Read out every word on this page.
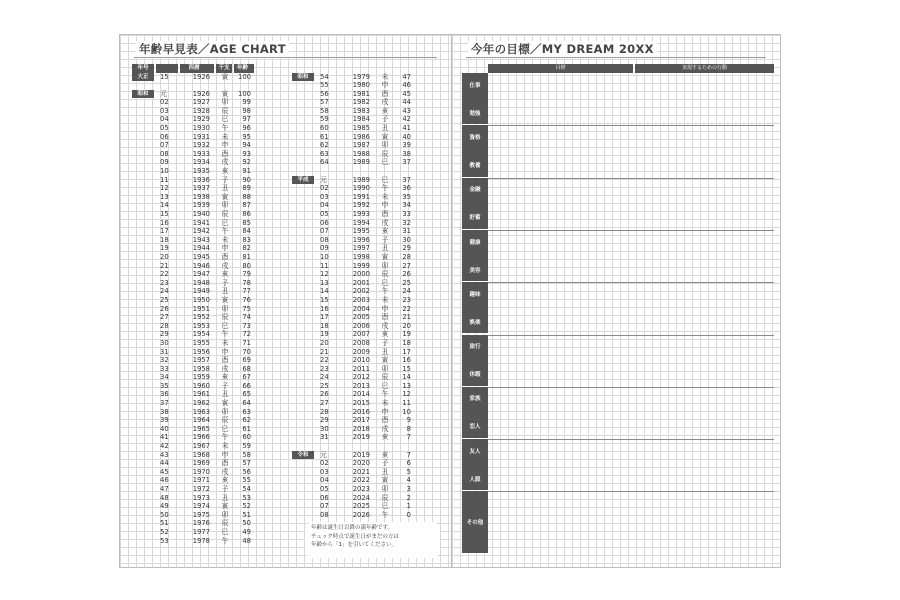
年齢早見表／AGE CHART
年号	西暦	干支	年齢
大正	15	1926	寅	100
昭和	元	1926	寅	100
02	1927	卯	99
03	1928	辰	98
04	1929	巳	97
05	1930	午	96
06	1931	未	95
07	1932	申	94
08	1933	酉	93
09	1934	戌	92
10	1935	亥	91
11	1936	子	90
12	1937	丑	89
13	1938	寅	88
14	1939	卯	87
15	1940	辰	86
16	1941	巳	85
17	1942	午	84
18	1943	未	83
19	1944	申	82
20	1945	酉	81
21	1946	戌	80
22	1947	亥	79
23	1948	子	78
24	1949	丑	77
25	1950	寅	76
26	1951	卯	75
27	1952	辰	74
28	1953	巳	73
29	1954	午	72
30	1955	未	71
31	1956	申	70
32	1957	酉	69
33	1958	戌	68
34	1959	亥	67
35	1960	子	66
36	1961	丑	65
37	1962	寅	64
38	1963	卯	63
39	1964	辰	62
40	1965	巳	61
41	1966	午	60
42	1967	未	59
43	1968	申	58
44	1969	酉	57
45	1970	戌	56
46	1971	亥	55
47	1972	子	54
48	1973	丑	53
49	1974	寅	52
50	1975	卯	51
51	1976	辰	50
52	1977	巳	49
53	1978	午	48
昭和	54	1979	未	47
55	1980	申	46
56	1981	酉	45
57	1982	戌	44
58	1983	亥	43
59	1984	子	42
60	1985	丑	41
61	1986	寅	40
62	1987	卯	39
63	1988	辰	38
64	1989	巳	37
平成	元	1989	巳	37
02	1990	午	36
03	1991	未	35
04	1992	申	34
05	1993	酉	33
06	1994	戌	32
07	1995	亥	31
08	1996	子	30
09	1997	丑	29
10	1998	寅	28
11	1999	卯	27
12	2000	辰	26
13	2001	巳	25
14	2002	午	24
15	2003	未	23
16	2004	申	22
17	2005	酉	21
18	2006	戌	20
19	2007	亥	19
20	2008	子	18
21	2009	丑	17
22	2010	寅	16
23	2011	卯	15
24	2012	辰	14
25	2013	巳	13
26	2014	午	12
27	2015	未	11
28	2016	申	10
29	2017	酉	9
30	2018	戌	8
31	2019	亥	7
令和	元	2019	亥	7
02	2020	子	6
03	2021	丑	5
04	2022	寅	4
05	2023	卯	3
06	2024	辰	2
07	2025	巳	1
08	2026	午	0
年齢は誕生日以降の満年齢です。
チェック時点で誕生日がまだの方は
年齢から「1」を引いてください。
今年の目標／MY DREAM 20XX
目標	実現するための行動
仕事
勉強
資格
教養
金融
貯蓄
健康
美容
趣味
娯楽
旅行
休暇
家族
恋人
友人
人脈
その他
